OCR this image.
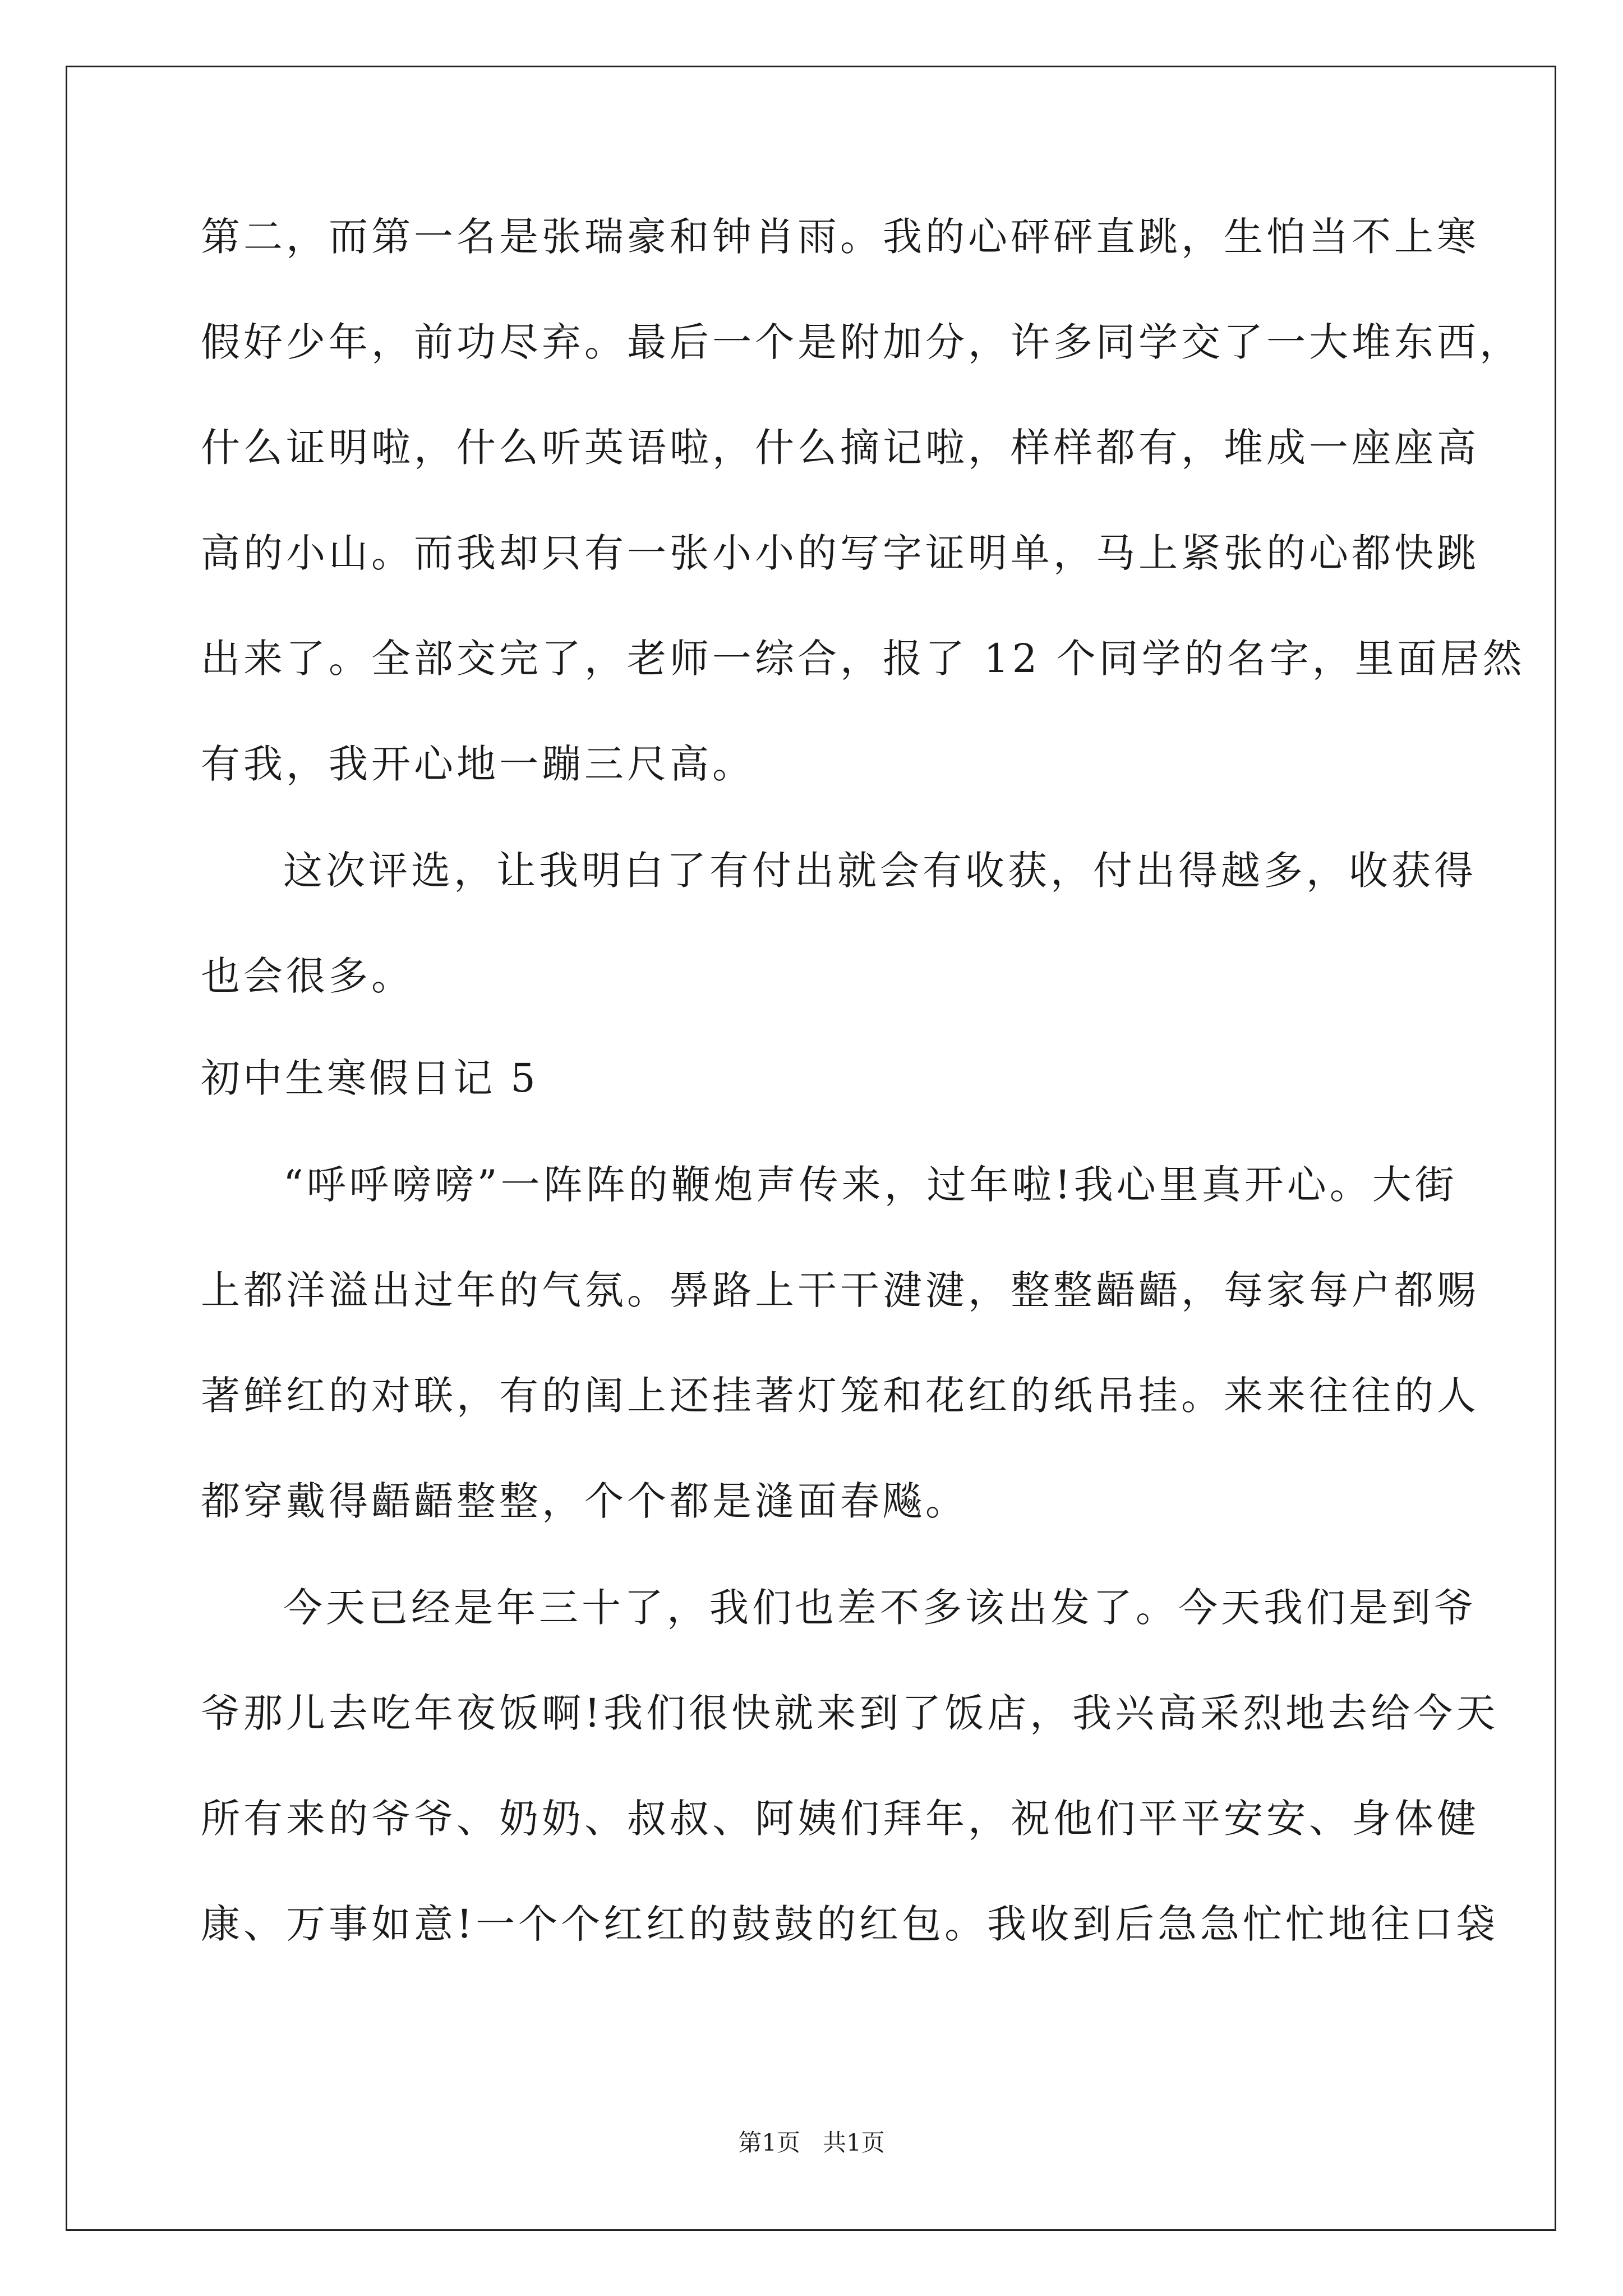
第二，而第一名是张瑞豪和钟肖雨。我的心砰砰直跳，生怕当不上寒
假好少年，前功尽弃。最后一个是附加分，许多同学交了一大堆东西，
什么证明啦，什么听英语啦，什么摘记啦，样样都有，堆成一座座高
高的小山。而我却只有一张小小的写字证明单，马上紧张的心都快跳
出来了。全部交完了，老师一综合，报了 12 个同学的名字，里面居然
有我，我开心地一蹦三尺高。
这次评选，让我明白了有付出就会有收获，付出得越多，收获得
也会很多。
初中生寒假日记 5
“呼呼嗙嗙”一阵阵的鞭炮声传来，过年啦!我心里真开心。大街
上都洋溢出过年的气氛。馵路上干干湕湕，整整齬齬，每家每户都赐
著鲜红的对联，有的闺上还挂著灯笼和花红的纸吊挂。来来往往的人
都穿戴得齬齬整整，个个都是漨面春飚。
今天已经是年三十了，我们也差不多该出发了。今天我们是到爷
爷那儿去吃年夜饭啊!我们很快就来到了饭店，我兴高采烈地去给今天
所有来的爷爷、奶奶、叔叔、阿姨们拜年，祝他们平平安安、身体健
康、万事如意!一个个红红的鼓鼓的红包。我收到后急急忙忙地往口袋
第1页   共1页
